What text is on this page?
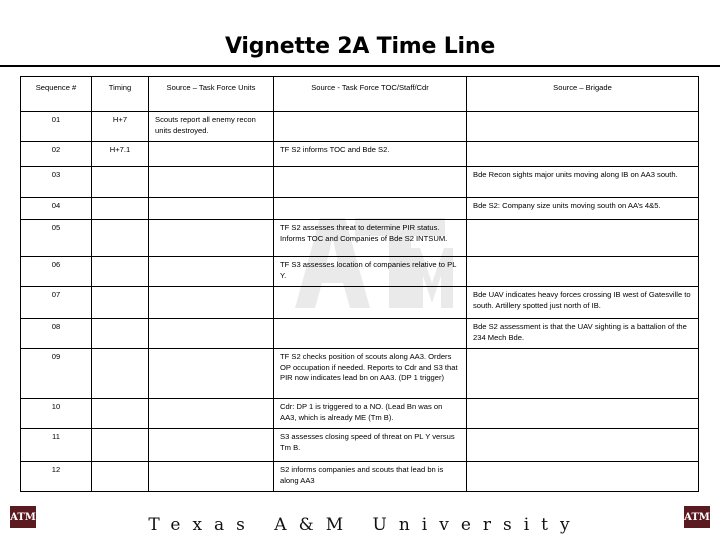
Vignette 2A Time Line
Sequence #	Timing	Source – Task Force Units	Source - Task Force TOC/Staff/Cdr	Source – Brigade
01	H+7	Scouts report all enemy recon units destroyed.		
02	H+7.1		TF S2 informs TOC and Bde S2.	
03				Bde Recon sights major units moving along IB on AA3 south.
04				Bde S2: Company size units moving south on AA’s 4&5.
05			TF S2 assesses threat to determine PIR status. Informs TOC and Companies of Bde S2 INTSUM.	
06			TF S3 assesses location of companies relative to PL Y.	
07				Bde UAV indicates heavy forces crossing IB west of Gatesville to south. Artillery spotted just north of IB.
08				Bde S2 assessment is that the UAV sighting is a battalion of the 234 Mech Bde.
09			TF S2 checks position of scouts along AA3. Orders OP occupation if needed. Reports to Cdr and S3 that PIR now indicates lead bn on AA3. (DP 1 trigger)	
10			Cdr: DP 1 is triggered to a NO. (Lead Bn was on AA3, which is already ME (Tm B).	
11			S3 assesses closing speed of threat on PL Y versus Tm B.	
12			S2 informs companies and scouts that lead bn is along AA3	
ATM	Texas A&M University	ATM
